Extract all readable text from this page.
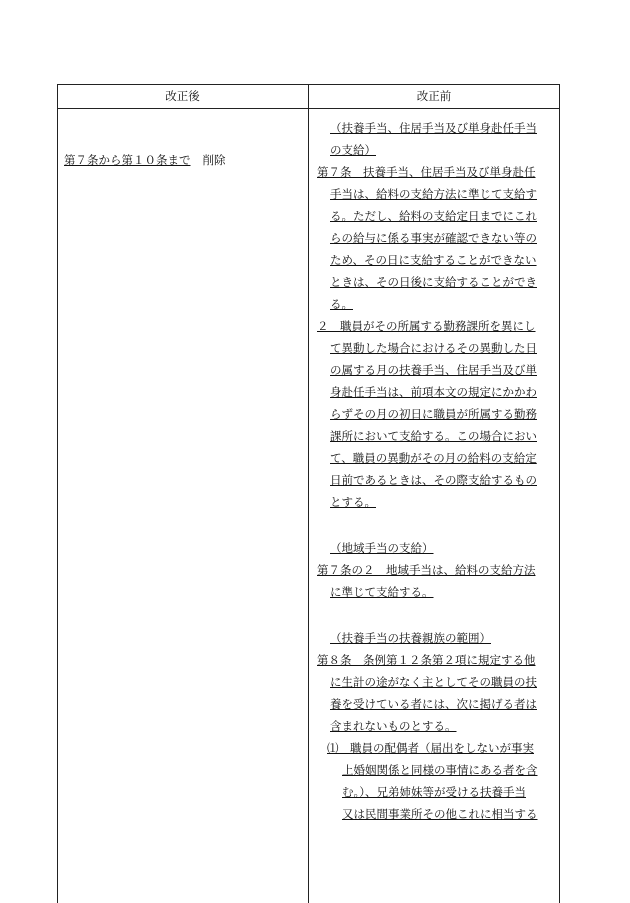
改正後	改正前
第７条から第１０条まで 削除
（扶養手当、住居手当及び単身赴任手当
の支給）
第７条　扶養手当、住居手当及び単身赴任
手当は、給料の支給方法に準じて支給す
る。ただし、給料の支給定日までにこれ
らの給与に係る事実が確認できない等の
ため、その日に支給することができない
ときは、その日後に支給することができ
る。
２　職員がその所属する勤務課所を異にし
て異動した場合におけるその異動した日
の属する月の扶養手当、住居手当及び単
身赴任手当は、前項本文の規定にかかわ
らずその月の初日に職員が所属する勤務
課所において支給する。この場合におい
て、職員の異動がその月の給料の支給定
日前であるときは、その際支給するもの
とする。
（地域手当の支給）
第７条の２　地域手当は、給料の支給方法
に準じて支給する。
（扶養手当の扶養親族の範囲）
第８条　条例第１２条第２項に規定する他
に生計の途がなく主としてその職員の扶
養を受けている者には、次に掲げる者は
含まれないものとする。
⑴　職員の配偶者（届出をしないが事実
上婚姻関係と同様の事情にある者を含
む。）、兄弟姉妹等が受ける扶養手当
又は民間事業所その他これに相当する
